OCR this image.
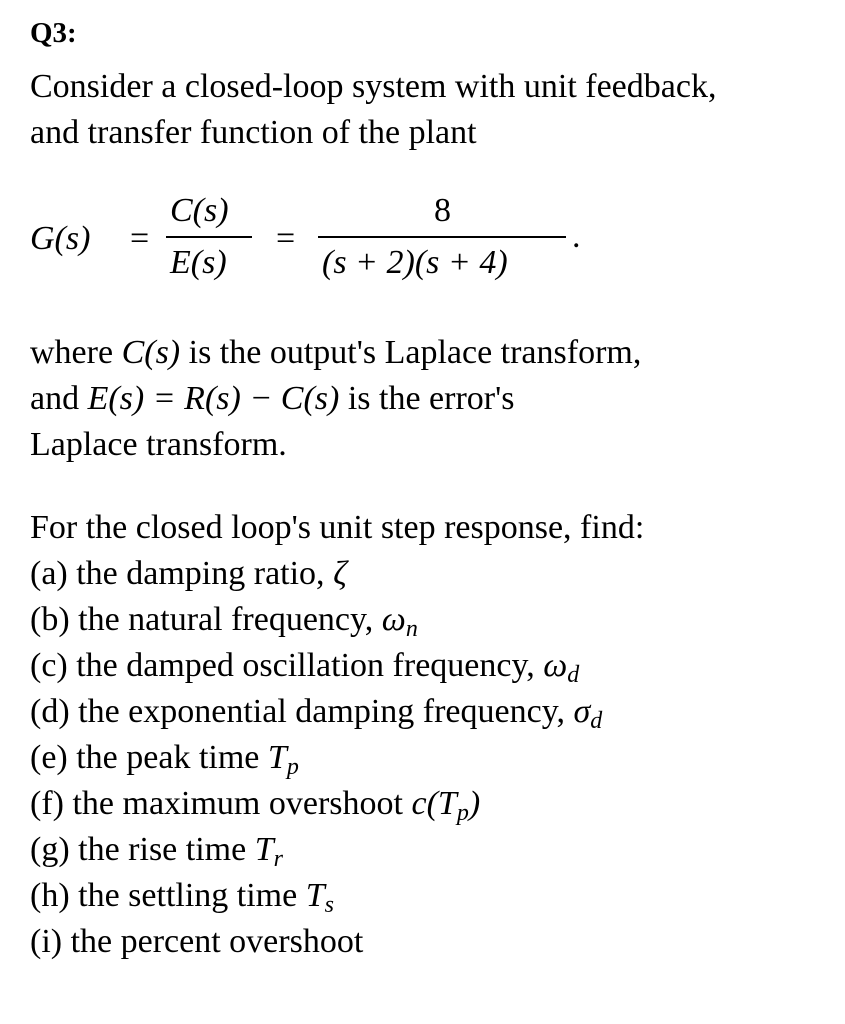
Q3:
Consider a closed-loop system with unit feedback,
and transfer function of the plant
G(s) =
C(s)
E(s)
=
8
(s + 2)(s + 4)
.
where C(s) is the output's Laplace transform,
and E(s) = R(s) − C(s) is the error's
Laplace transform.
For the closed loop's unit step response, find:
(a) the damping ratio, ζ
(b) the natural frequency, $\omega_n$
(c) the damped oscillation frequency, $\omega_d$
(d) the exponential damping frequency, $\sigma_d$
(e) the peak time $T_p$
(f) the maximum overshoot $c(T_p)$
(g) the rise time $T_r$
(h) the settling time $T_s$
(i) the percent overshoot
